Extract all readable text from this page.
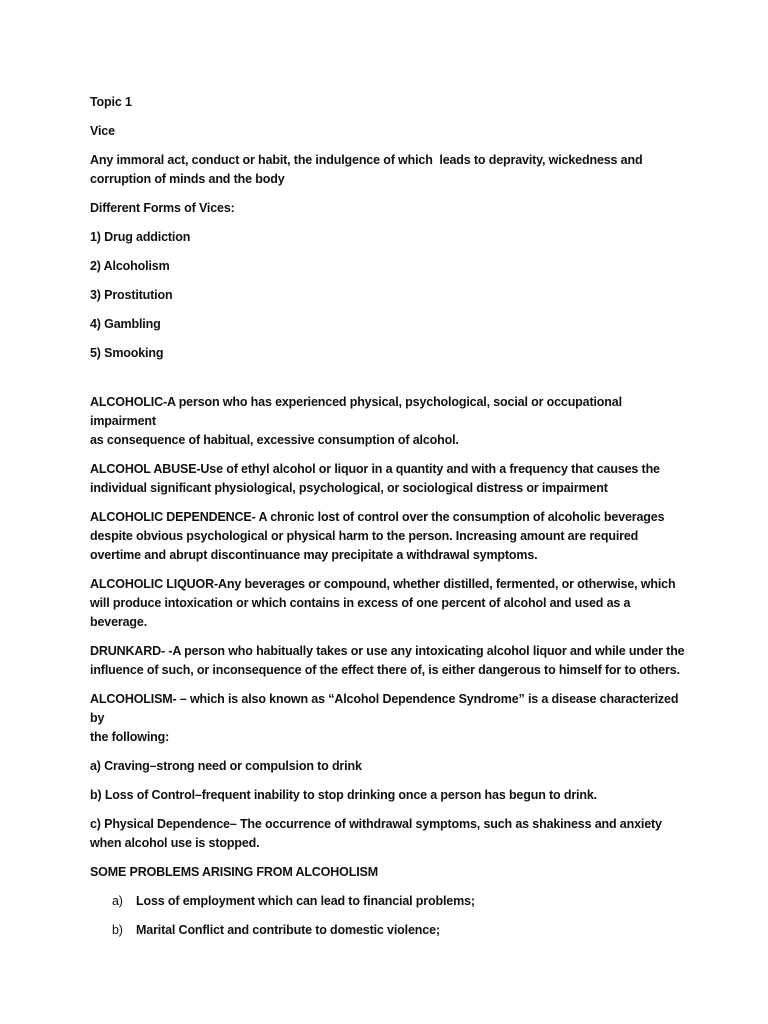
Topic 1

Vice

Any immoral act, conduct or habit, the indulgence of which  leads to depravity, wickedness and

corruption of minds and the body

Different Forms of Vices:

1) Drug addiction

2) Alcoholism

3) Prostitution

4) Gambling

5) Smooking

ALCOHOLIC-A person who has experienced physical, psychological, social or occupational impairment

as consequence of habitual, excessive consumption of alcohol.

ALCOHOL ABUSE-Use of ethyl alcohol or liquor in a quantity and with a frequency that causes the

individual significant physiological, psychological, or sociological distress or impairment

ALCOHOLIC DEPENDENCE- A chronic lost of control over the consumption of alcoholic beverages

despite obvious psychological or physical harm to the person. Increasing amount are required

overtime and abrupt discontinuance may precipitate a withdrawal symptoms.

ALCOHOLIC LIQUOR-Any beverages or compound, whether distilled, fermented, or otherwise, which

will produce intoxication or which contains in excess of one percent of alcohol and used as a

beverage.

DRUNKARD- -A person who habitually takes or use any intoxicating alcohol liquor and while under the

influence of such, or inconsequence of the effect there of, is either dangerous to himself for to others.

ALCOHOLISM- – which is also known as “Alcohol Dependence Syndrome” is a disease characterized by

the following:

a) Craving–strong need or compulsion to drink

b) Loss of Control–frequent inability to stop drinking once a person has begun to drink.

c) Physical Dependence– The occurrence of withdrawal symptoms, such as shakiness and anxiety

when alcohol use is stopped.

SOME PROBLEMS ARISING FROM ALCOHOLISM

a) Loss of employment which can lead to financial problems;

b) Marital Conflict and contribute to domestic violence;
